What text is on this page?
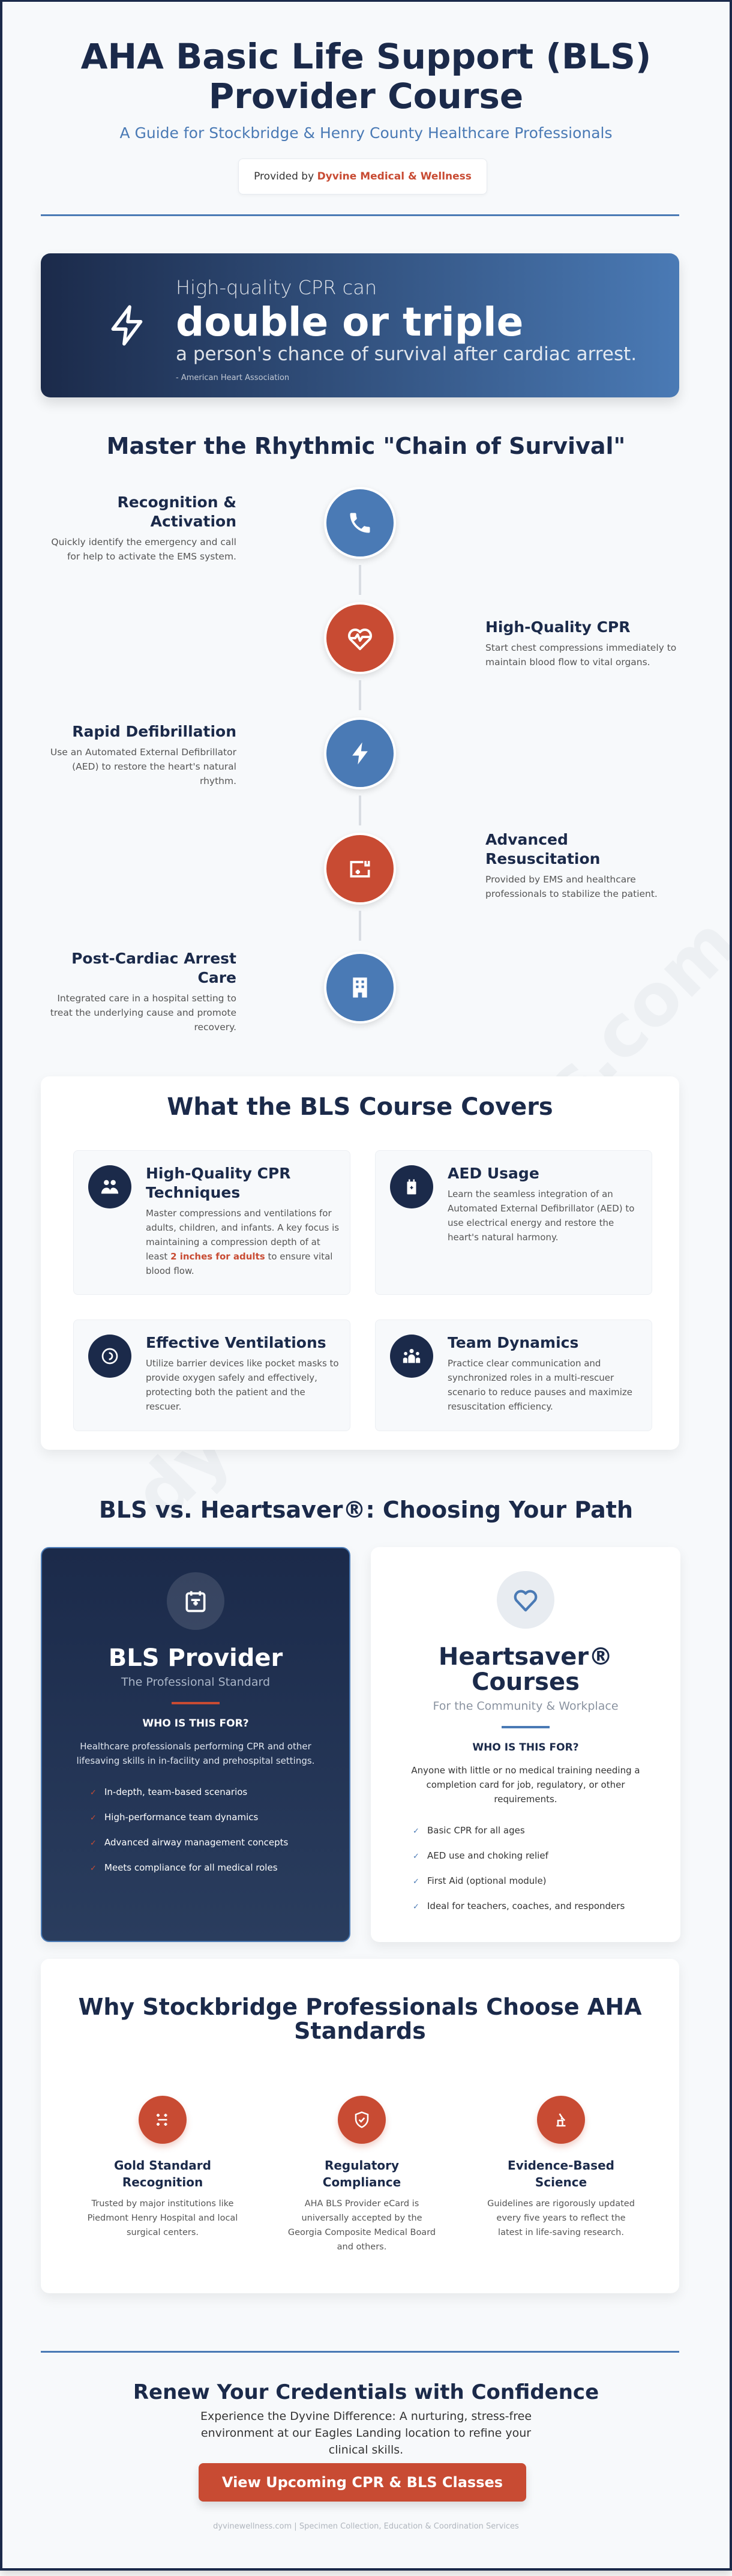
AHA Basic Life Support (BLS) Provider Course
A Guide for Stockbridge & Henry County Healthcare Professionals
Provided by Dyvine Medical & Wellness
High-quality CPR can
double or triple
a person's chance of survival after cardiac arrest.
- American Heart Association
Master the Rhythmic "Chain of Survival"
Recognition & Activation
Quickly identify the emergency and call for help to activate the EMS system.
High-Quality CPR
Start chest compressions immediately to maintain blood flow to vital organs.
Rapid Defibrillation
Use an Automated External Defibrillator (AED) to restore the heart's natural rhythm.
Advanced Resuscitation
Provided by EMS and healthcare professionals to stabilize the patient.
Post-Cardiac Arrest Care
Integrated care in a hospital setting to treat the underlying cause and promote recovery.
What the BLS Course Covers
High-Quality CPR Techniques
Master compressions and ventilations for adults, children, and infants. A key focus is maintaining a compression depth of at least 2 inches for adults to ensure vital blood flow.
AED Usage
Learn the seamless integration of an Automated External Defibrillator (AED) to use electrical energy and restore the heart's natural harmony.
Effective Ventilations
Utilize barrier devices like pocket masks to provide oxygen safely and effectively, protecting both the patient and the rescuer.
Team Dynamics
Practice clear communication and synchronized roles in a multi-rescuer scenario to reduce pauses and maximize resuscitation efficiency.
BLS vs. Heartsaver®: Choosing Your Path
BLS Provider
The Professional Standard
WHO IS THIS FOR?
Healthcare professionals performing CPR and other lifesaving skills in in-facility and prehospital settings.
✓ In-depth, team-based scenarios
✓ High-performance team dynamics
✓ Advanced airway management concepts
✓ Meets compliance for all medical roles
Heartsaver® Courses
For the Community & Workplace
WHO IS THIS FOR?
Anyone with little or no medical training needing a completion card for job, regulatory, or other requirements.
✓ Basic CPR for all ages
✓ AED use and choking relief
✓ First Aid (optional module)
✓ Ideal for teachers, coaches, and responders
Why Stockbridge Professionals Choose AHA Standards
Gold Standard Recognition
Trusted by major institutions like Piedmont Henry Hospital and local surgical centers.
Regulatory Compliance
AHA BLS Provider eCard is universally accepted by the Georgia Composite Medical Board and others.
Evidence-Based Science
Guidelines are rigorously updated every five years to reflect the latest in life-saving research.
Renew Your Credentials with Confidence
Experience the Dyvine Difference: A nurturing, stress-free environment at our Eagles Landing location to refine your clinical skills.
View Upcoming CPR & BLS Classes
dyvinewellness.com | Specimen Collection, Education & Coordination Services
